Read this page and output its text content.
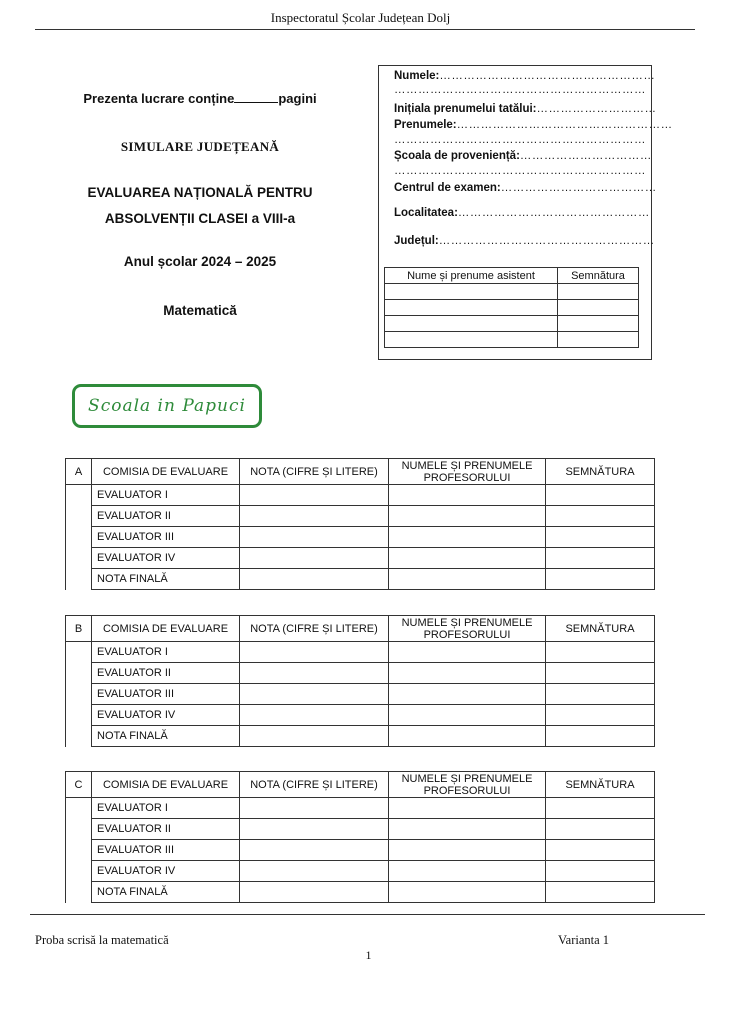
Inspectoratul Școlar Județean Dolj
Prezenta lucrare conține	pagini
SIMULARE JUDEȚEANĂ
EVALUAREA NAȚIONALĂ PENTRU
ABSOLVENȚII CLASEI a VIII-a
Anul școlar 2024 – 2025
Matematică
Numele:………………………………………………
………………………………………………………
Inițiala prenumelui tatălui:…………………………
Prenumele:………………………………………………
………………………………………………………
Școala de proveniență:……………………………
………………………………………………………
Centrul de examen:…………………………………
Localitatea:…………………………………………
Județul:………………………………………………
Nume și prenume asistent	Semnătura

Scoala in Papuci
A	COMISIA DE EVALUARE	NOTA (CIFRE ȘI LITERE)	NUMELE ȘI PRENUMELE PROFESORULUI	SEMNĂTURA
	EVALUATOR I			
	EVALUATOR II			
	EVALUATOR III			
	EVALUATOR IV			
	NOTA FINALĂ			
B	COMISIA DE EVALUARE	NOTA (CIFRE ȘI LITERE)	NUMELE ȘI PRENUMELE PROFESORULUI	SEMNĂTURA
	EVALUATOR I			
	EVALUATOR II			
	EVALUATOR III			
	EVALUATOR IV			
	NOTA FINALĂ			
C	COMISIA DE EVALUARE	NOTA (CIFRE ȘI LITERE)	NUMELE ȘI PRENUMELE PROFESORULUI	SEMNĂTURA
	EVALUATOR I			
	EVALUATOR II			
	EVALUATOR III			
	EVALUATOR IV			
	NOTA FINALĂ			
Proba scrisă la matematică	Varianta 1
1
